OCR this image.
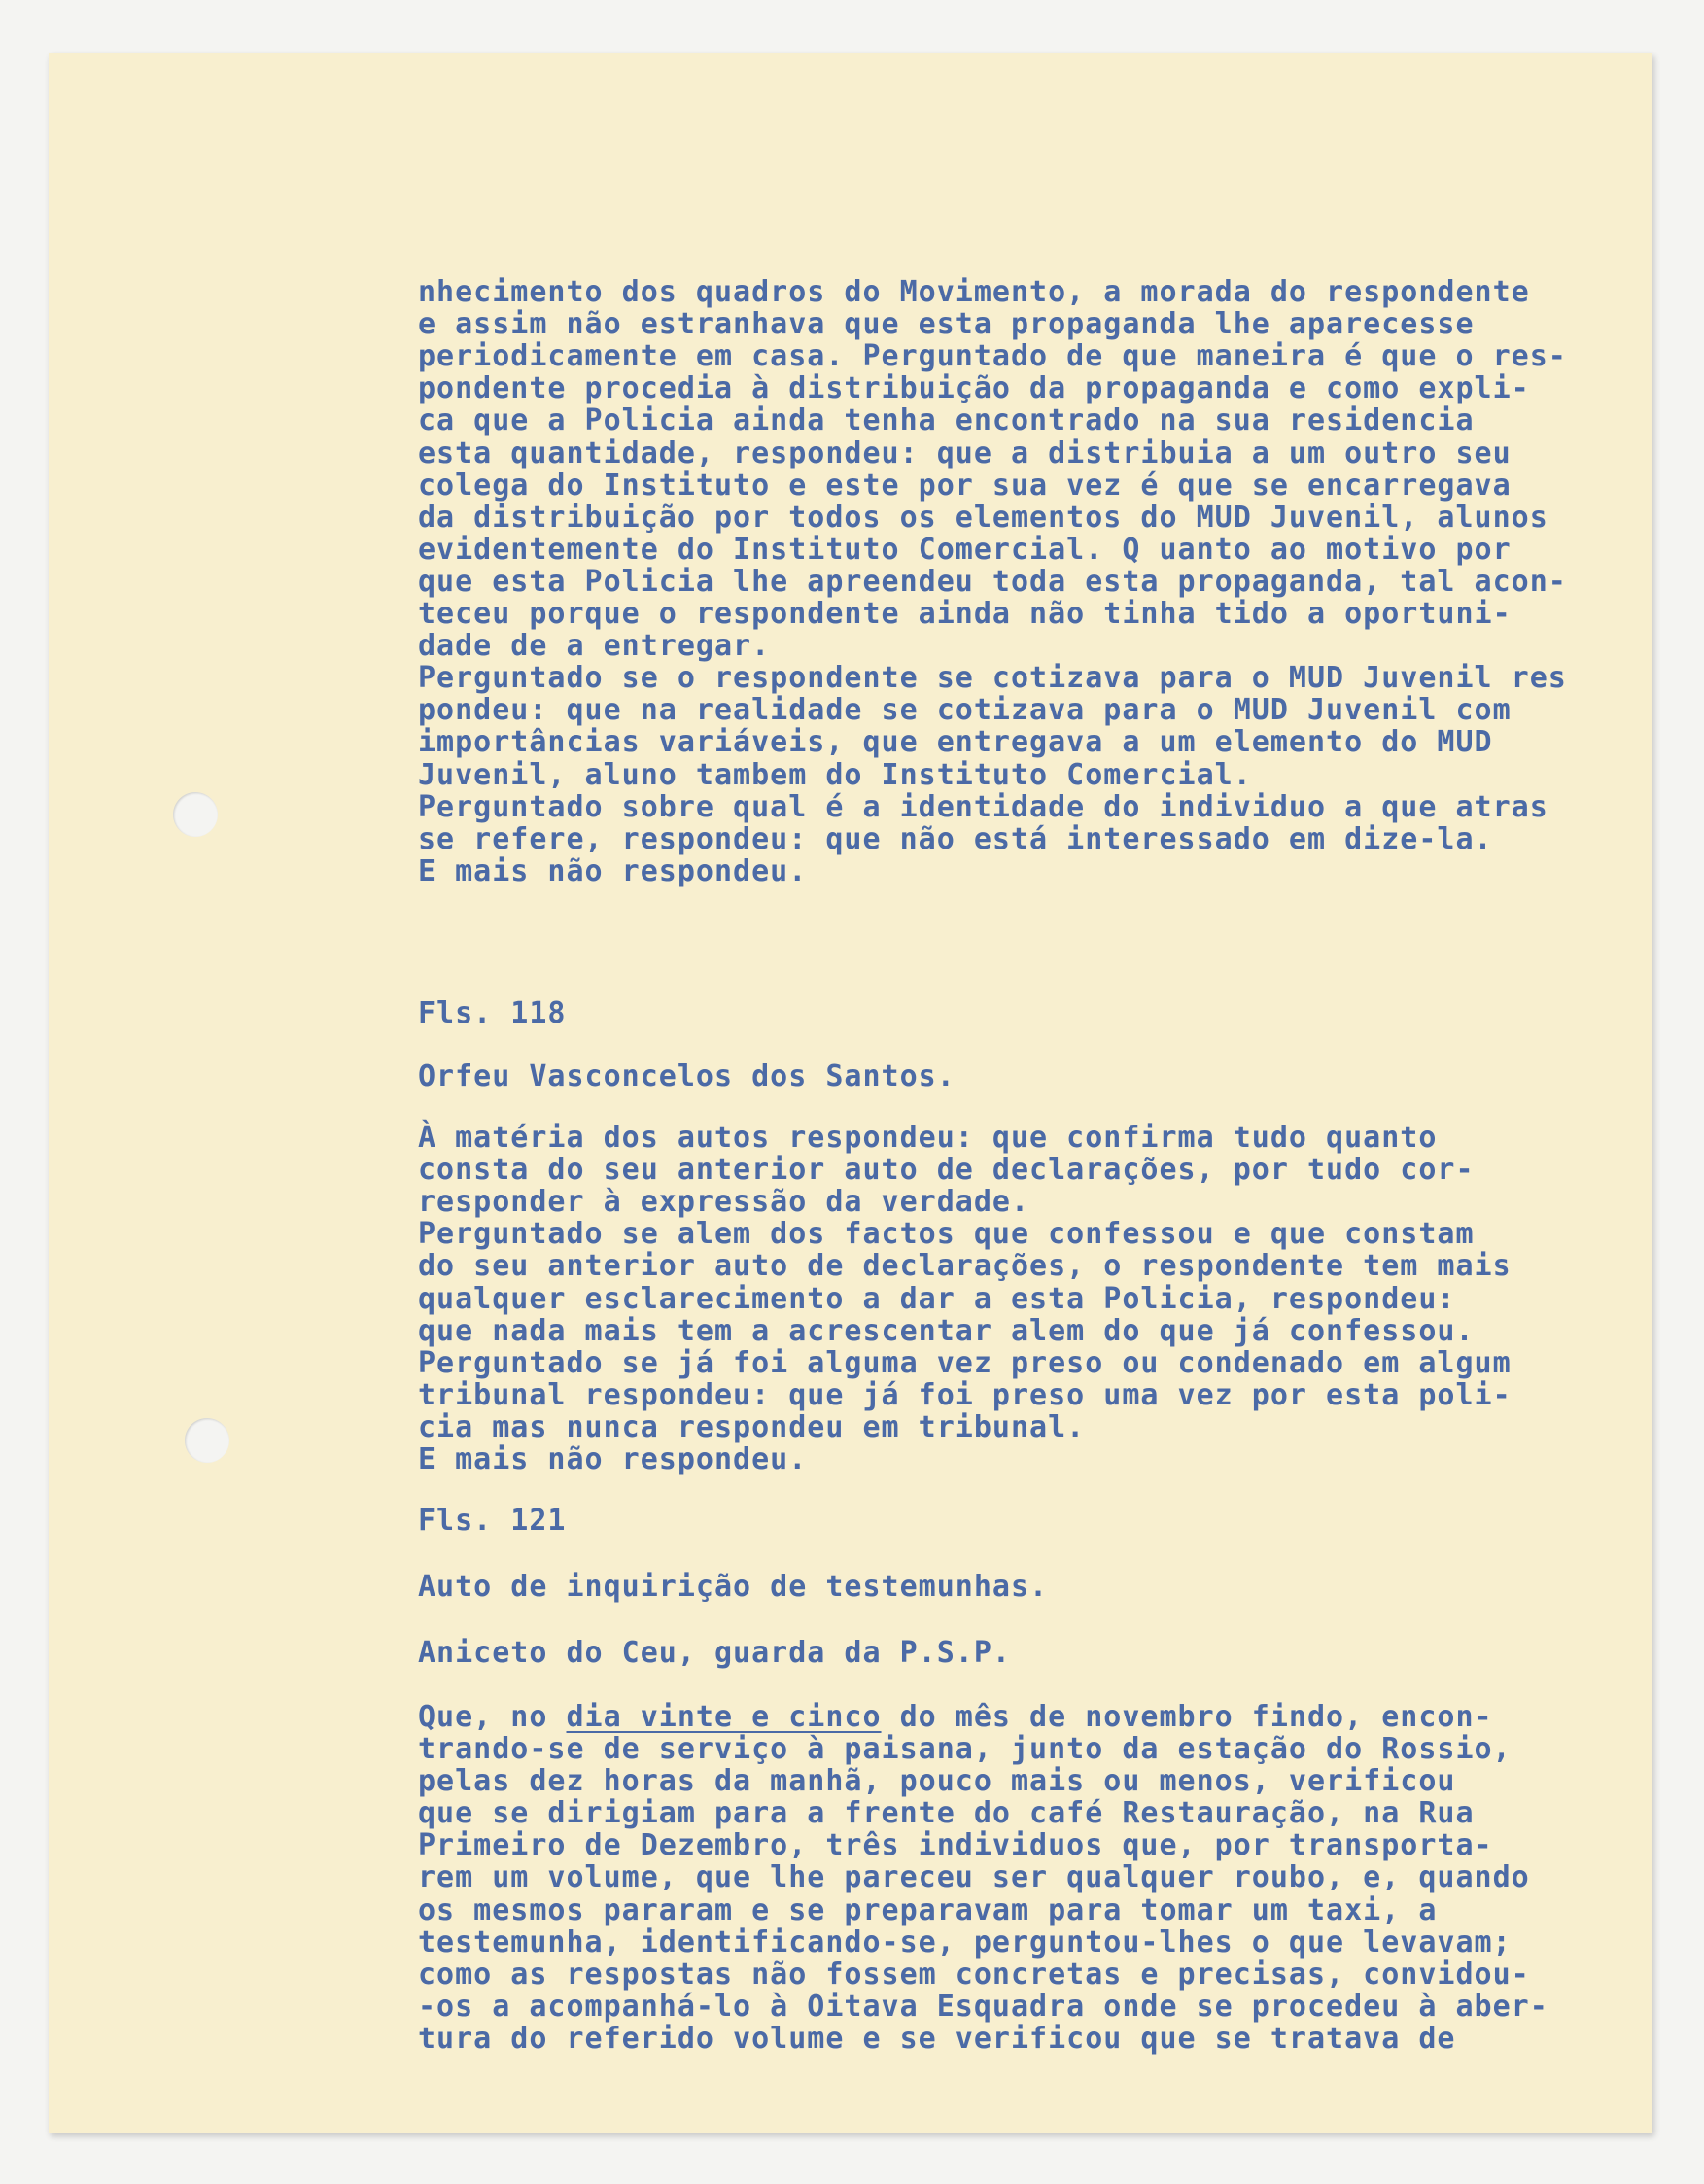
nhecimento dos quadros do Movimento, a morada do respondente
e assim não estranhava que esta propaganda lhe aparecesse
periodicamente em casa. Perguntado de que maneira é que o res-
pondente procedia à distribuição da propaganda e como expli-
ca que a Policia ainda tenha encontrado na sua residencia
esta quantidade, respondeu: que a distribuia a um outro seu
colega do Instituto e este por sua vez é que se encarregava
da distribuição por todos os elementos do MUD Juvenil, alunos
evidentemente do Instituto Comercial. Q uanto ao motivo por
que esta Policia lhe apreendeu toda esta propaganda, tal acon-
teceu porque o respondente ainda não tinha tido a oportuni-
dade de a entregar.
Perguntado se o respondente se cotizava para o MUD Juvenil res
pondeu: que na realidade se cotizava para o MUD Juvenil com
importâncias variáveis, que entregava a um elemento do MUD
Juvenil, aluno tambem do Instituto Comercial.
Perguntado sobre qual é a identidade do individuo a que atras
se refere, respondeu: que não está interessado em dize-la.
E mais não respondeu.

Fls. 118

Orfeu Vasconcelos dos Santos.

À matéria dos autos respondeu: que confirma tudo quanto
consta do seu anterior auto de declarações, por tudo cor-
responder à expressão da verdade.
Perguntado se alem dos factos que confessou e que constam
do seu anterior auto de declarações, o respondente tem mais
qualquer esclarecimento a dar a esta Policia, respondeu:
que nada mais tem a acrescentar alem do que já confessou.
Perguntado se já foi alguma vez preso ou condenado em algum
tribunal respondeu: que já foi preso uma vez por esta poli-
cia mas nunca respondeu em tribunal.
E mais não respondeu.

Fls. 121

Auto de inquirição de testemunhas.

Aniceto do Ceu, guarda da P.S.P.

Que, no dia vinte e cinco do mês de novembro findo, encon-

trando-se de serviço à paisana, junto da estação do Rossio,
pelas dez horas da manhã, pouco mais ou menos, verificou
que se dirigiam para a frente do café Restauração, na Rua
Primeiro de Dezembro, três individuos que, por transporta-
rem um volume, que lhe pareceu ser qualquer roubo, e, quando
os mesmos pararam e se preparavam para tomar um taxi, a
testemunha, identificando-se, perguntou-lhes o que levavam;
como as respostas não fossem concretas e precisas, convidou-
-os a acompanhá-lo à Oitava Esquadra onde se procedeu à aber-
tura do referido volume e se verificou que se tratava de
